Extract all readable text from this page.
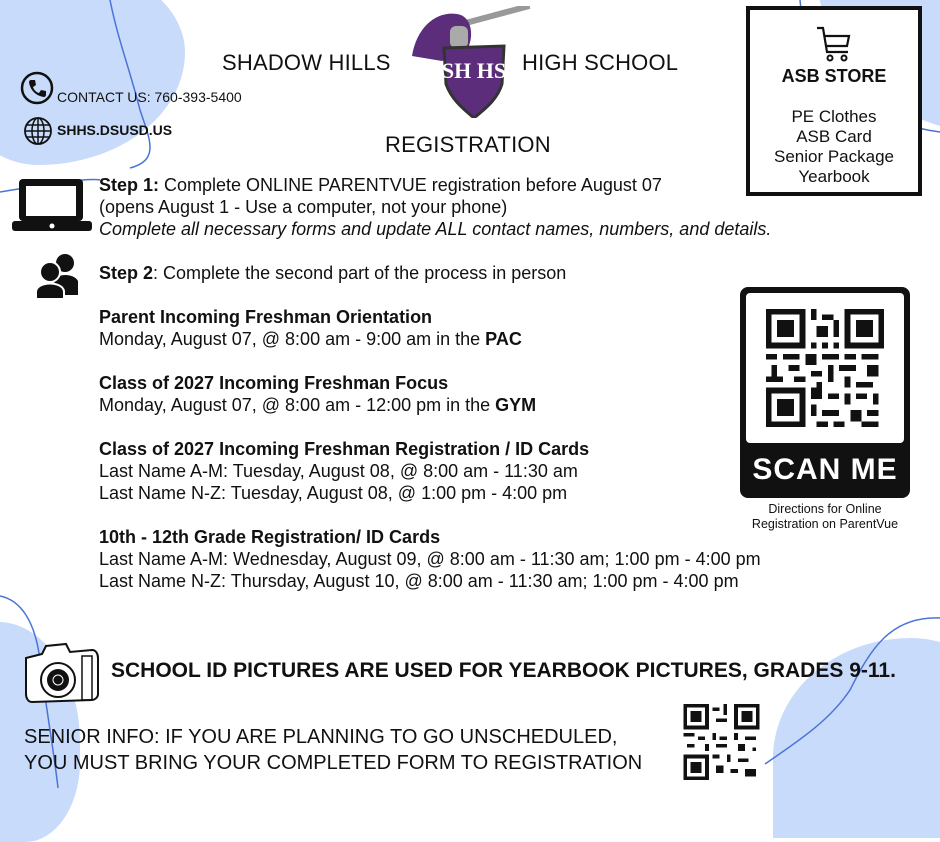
SHADOW HILLS SH HS HIGH SCHOOL
REGISTRATION
CONTACT US: 760-393-5400
SHHS.DSUSD.US
ASB STORE
PE Clothes
ASB Card
Senior Package
Yearbook
Step 1: Complete ONLINE PARENTVUE registration before August 07
(opens August 1 - Use a computer, not your phone)
Complete all necessary forms and update ALL contact names, numbers, and details.
Step 2: Complete the second part of the process in person
Parent Incoming Freshman Orientation
Monday, August 07, @ 8:00 am - 9:00 am in the PAC
Class of 2027 Incoming Freshman Focus
Monday, August 07, @ 8:00 am - 12:00 pm in the GYM
Class of 2027 Incoming Freshman Registration / ID Cards
Last Name A-M: Tuesday, August 08, @ 8:00 am - 11:30 am
Last Name N-Z: Tuesday, August 08, @ 1:00 pm - 4:00 pm
10th - 12th Grade Registration/ ID Cards
Last Name A-M: Wednesday, August 09, @ 8:00 am - 11:30 am; 1:00 pm - 4:00 pm
Last Name N-Z: Thursday, August 10, @ 8:00 am - 11:30 am; 1:00 pm - 4:00 pm
SCAN ME
Directions for Online
Registration on ParentVue
SCHOOL ID PICTURES ARE USED FOR YEARBOOK PICTURES, GRADES 9-11.
SENIOR INFO: IF YOU ARE PLANNING TO GO UNSCHEDULED,
YOU MUST BRING YOUR COMPLETED FORM TO REGISTRATION
